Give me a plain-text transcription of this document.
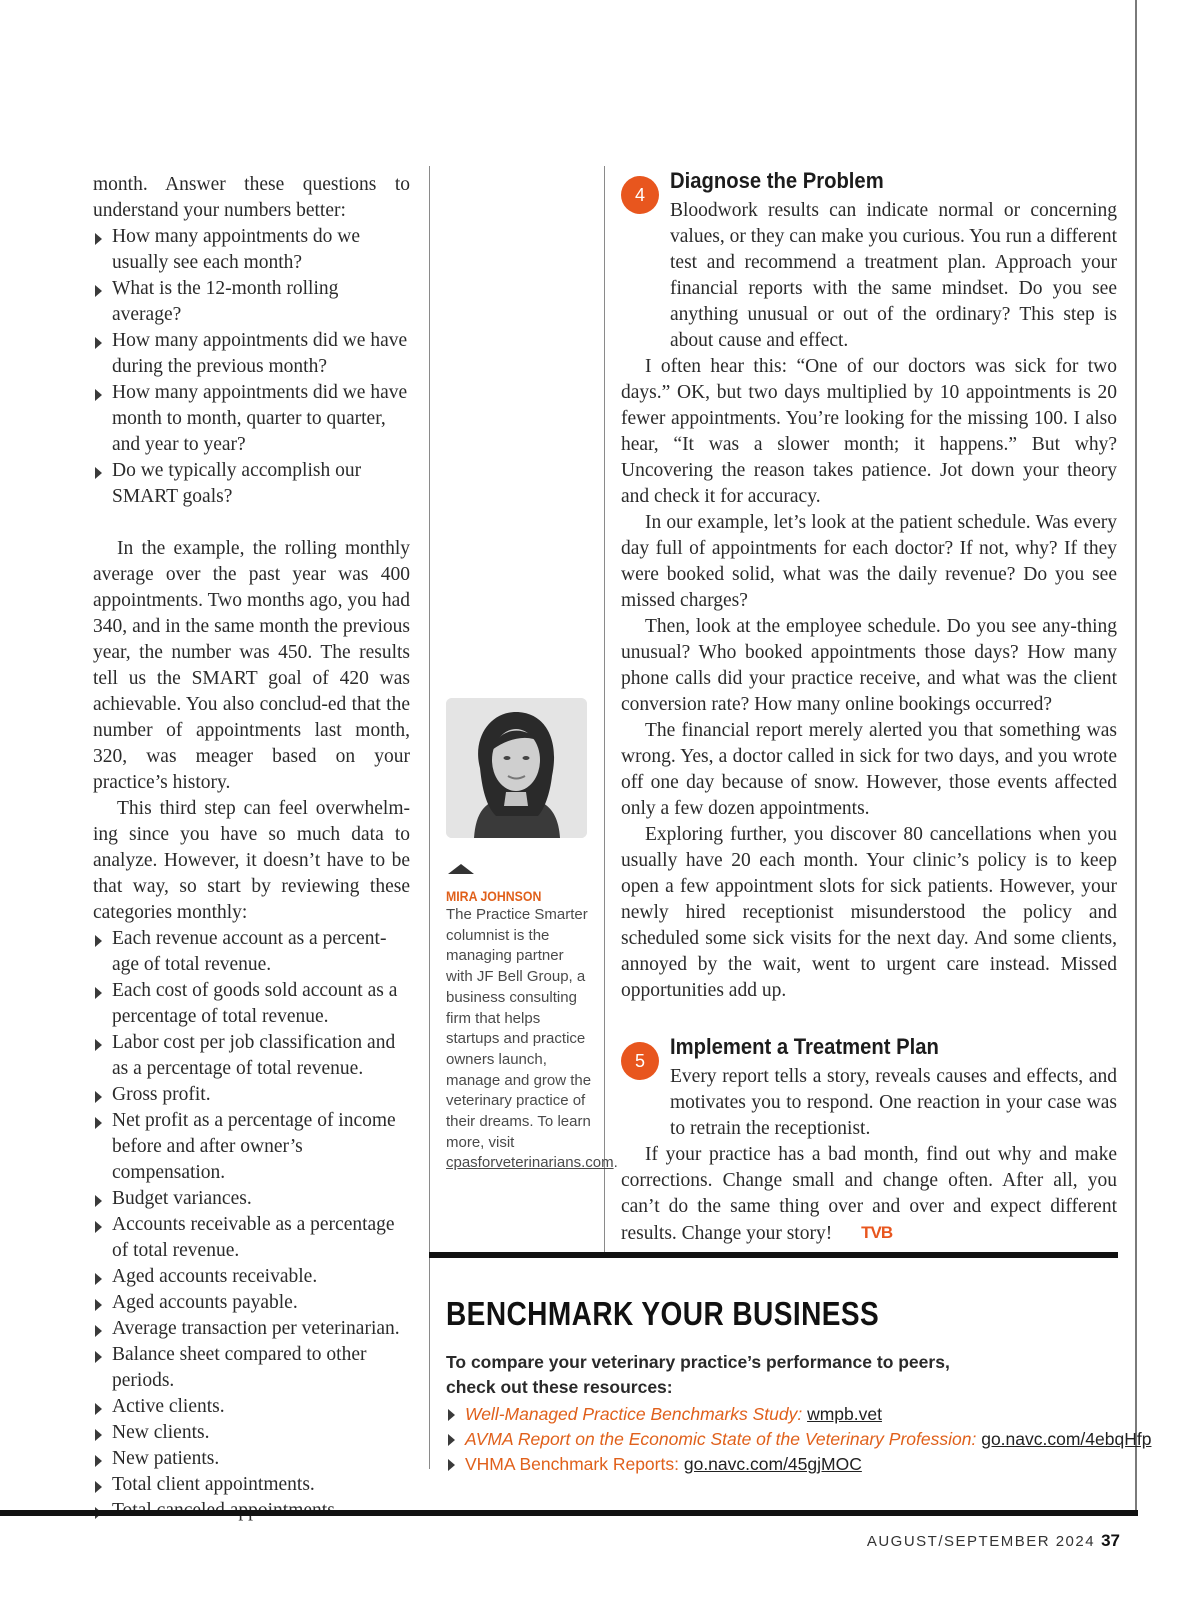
month. Answer these questions to understand your numbers better:

How many appointments do we usually see each month?
What is the 12-month rolling average?
How many appointments did we have during the previous month?
How many appointments did we have month to month, quarter to quarter, and year to year?
Do we typically accomplish our SMART goals?

In the example, the rolling monthly average over the past year was 400 appointments. Two months ago, you had 340, and in the same month the previous year, the number was 450. The results tell us the SMART goal of 420 was achievable. You also conclud-ed that the number of appointments last month, 320, was meager based on your practice’s history.

This third step can feel overwhelm-ing since you have so much data to analyze. However, it doesn’t have to be that way, so start by reviewing these categories monthly:

Each revenue account as a percent-age of total revenue.
Each cost of goods sold account as a percentage of total revenue.
Labor cost per job classification and as a percentage of total revenue.
Gross profit.
Net profit as a percentage of income before and after owner’s compensation.
Budget variances.
Accounts receivable as a percentage of total revenue.
Aged accounts receivable.
Aged accounts payable.
Average transaction per veterinarian.
Balance sheet compared to other periods.
Active clients.
New clients.
New patients.
Total client appointments.
MIRA JOHNSON
The Practice Smarter columnist is the managing partner with JF Bell Group, a business consulting firm that helps startups and practice owners launch, manage and grow the veterinary practice of their dreams. To learn more, visit cpasforveterinarians.com.
4
Diagnose the Problem

Bloodwork results can indicate normal or concerning values, or they can make you curious. You run a different test and recommend a treatment plan. Approach your financial reports with the same mindset. Do you see anything unusual or out of the ordinary? This step is about cause and effect.

I often hear this: “One of our doctors was sick for two days.” OK, but two days multiplied by 10 appointments is 20 fewer appointments. You’re looking for the missing 100. I also hear, “It was a slower month; it happens.” But why? Uncovering the reason takes patience. Jot down your theory and check it for accuracy.

In our example, let’s look at the patient schedule. Was every day full of appointments for each doctor? If not, why? If they were booked solid, what was the daily revenue? Do you see missed charges?

Then, look at the employee schedule. Do you see any-thing unusual? Who booked appointments those days? How many phone calls did your practice receive, and what was the client conversion rate? How many online bookings occurred?

The financial report merely alerted you that something was wrong. Yes, a doctor called in sick for two days, and you wrote off one day because of snow. However, those events affected only a few dozen appointments.

Exploring further, you discover 80 cancellations when you usually have 20 each month. Your clinic’s policy is to keep open a few appointment slots for sick patients. However, your newly hired receptionist misunderstood the policy and scheduled some sick visits for the next day. And some clients, annoyed by the wait, went to urgent care instead. Missed opportunities add up.

5
Implement a Treatment Plan

Every report tells a story, reveals causes and effects, and motivates you to respond. One reaction in your case was to retrain the receptionist.

If your practice has a bad month, find out why and make corrections. Change small and change often. After all, you can’t do the same thing over and over and expect different results. Change your story! TVB

BENCHMARK YOUR BUSINESS
To compare your veterinary practice’s performance to peers, check out these resources:
Well-Managed Practice Benchmarks Study: wmpb.vet
AVMA Report on the Economic State of the Veterinary Profession: go.navc.com/4ebqHfp
VHMA Benchmark Reports: go.navc.com/45gjMOC
AUGUST/SEPTEMBER 2024 37
